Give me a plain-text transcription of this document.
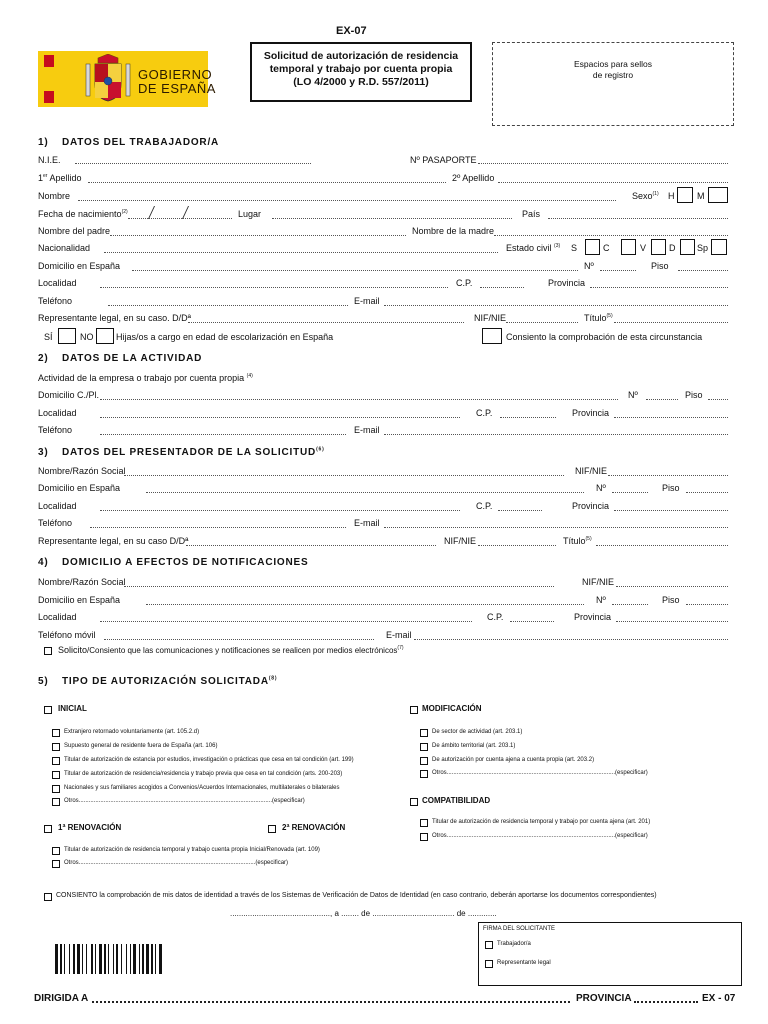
EX-07
GOBIERNO
DE ESPAÑA
Solicitud de autorización de residencia
temporal y trabajo por cuenta propia
(LO 4/2000 y R.D. 557/2011)
Espacios para sellos
de registro
1) DATOS DEL TRABAJADOR/A
N.I.E.	Nº PASAPORTE
1er Apellido	2º Apellido
Nombre	Sexo$^{(1)}$ H	M
Fecha de nacimiento$^{(2)}$	Lugar	País
Nombre del padre	Nombre de la madre
Nacionalidad	Estado civil $^{(3)}$ S	C	V	D Sp
Domicilio en España	Nº	Piso
Localidad	C.P.	Provincia
Teléfono	E-mail
Representante legal, en su caso. D/Dª	NIF/NIE	Título$^{(5)}$
SÍ	NO	Hijas/os a cargo en edad de escolarización en España	Consiento la comprobación de esta circunstancia
2) DATOS DE LA ACTIVIDAD
Actividad de la empresa o trabajo por cuenta propia $^{(4)}$
Domicilio C./Pl.	Nº	Piso
Localidad	C.P.	Provincia
Teléfono	E-mail
3) DATOS DEL PRESENTADOR DE LA SOLICITUD$^{(6)}$
Nombre/Razón Social	NIF/NIE
Domicilio en España	Nº	Piso
Localidad	C.P.	Provincia
Teléfono	E-mail
Representante legal, en su caso D/Dª	NIF/NIE	Título$^{(5)}$
4) DOMICILIO A EFECTOS DE NOTIFICACIONES
Nombre/Razón Social	NIF/NIE
Domicilio en España	Nº	Piso
Localidad	C.P.	Provincia
Teléfono móvil	E-mail
Solicito/Consiento que las comunicaciones y notificaciones se realicen por medios electrónicos$^{(7)}$
5) TIPO DE AUTORIZACIÓN SOLICITADA$^{(8)}$
INICIAL
Extranjero retornado voluntariamente (art. 105.2.d)
Supuesto general de residente fuera de España (art. 106)
Titular de autorización de estancia por estudios, investigación o prácticas que cesa en tal condición (art. 199)
Titular de autorización de residencia/residencia y trabajo previa que cesa en tal condición (arts. 200-203)
Nacionales y sus familiares acogidos a Convenios/Acuerdos Internacionales, multilaterales o bilaterales
Otros....................................................................................................................(especificar)
MODIFICACIÓN
De sector de actividad (art. 203.1)
De ámbito territorial (art. 203.1)
De autorización por cuenta ajena a cuenta propia (art. 203.2)
Otros.....................................................................................................(especificar)
COMPATIBILIDAD
Titular de autorización de residencia temporal y trabajo por cuenta ajena (art. 201)
Otros.....................................................................................................(especificar)
1ª RENOVACIÓN	2ª RENOVACIÓN
Titular de autorización de residencia temporal y trabajo cuenta propia Inicial/Renovada (art. 109)
Otros..........................................................................................................(especificar)
CONSIENTO la comprobación de mis datos de identidad a través de los Sistemas de Verificación de Datos de Identidad (en caso contrario, deberán aportarse los documentos correspondientes)
............................................., a ........ de ..................................... de .............
FIRMA DEL SOLICITANTE
Trabajador/a
Representante legal
DIRIGIDA A	PROVINCIA	EX - 07
